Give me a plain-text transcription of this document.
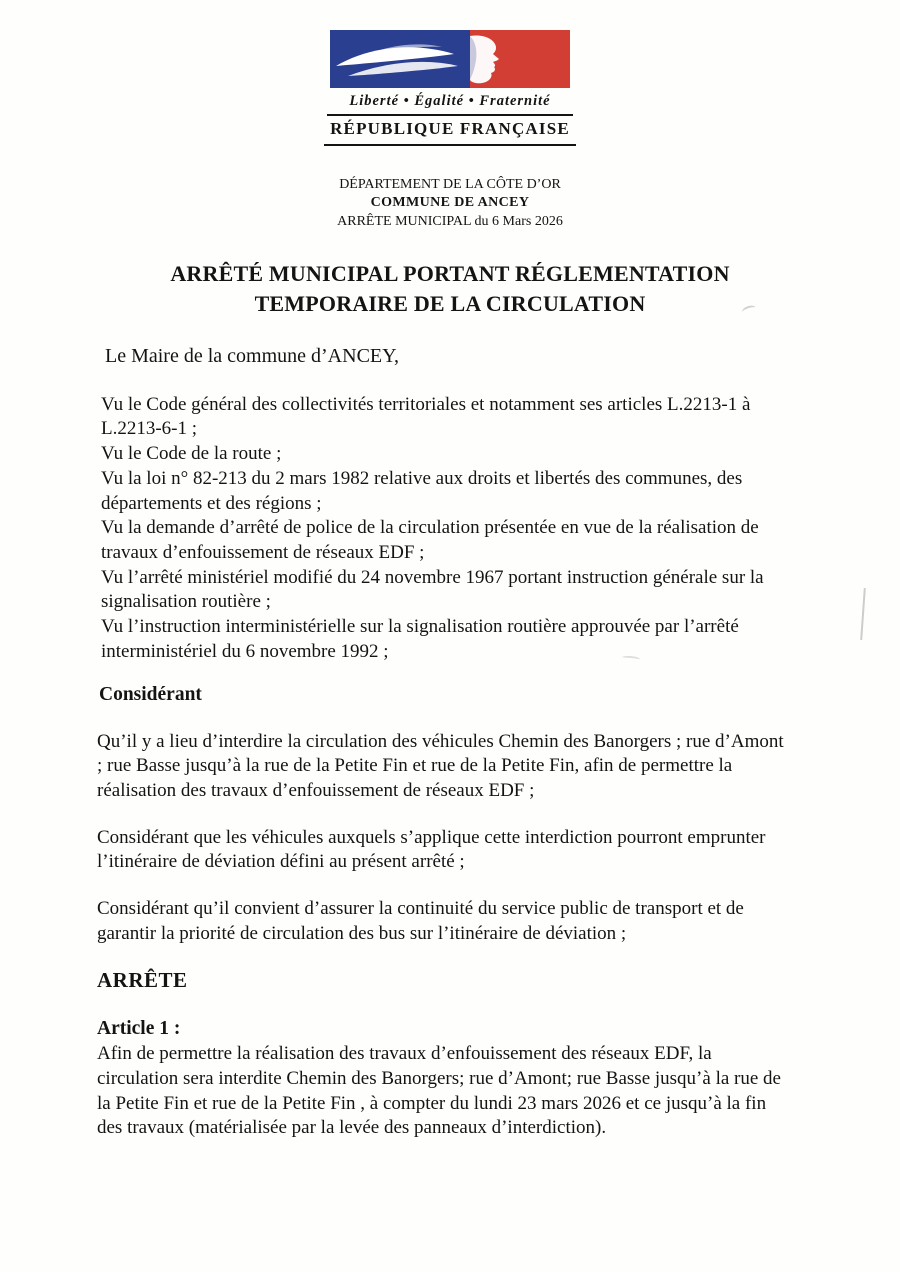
Liberté • Égalité • Fraternité
RÉPUBLIQUE FRANÇAISE
DÉPARTEMENT DE LA CÔTE D’OR
COMMUNE DE ANCEY
ARRÊTE MUNICIPAL du 6 Mars 2026
ARRÊTÉ MUNICIPAL PORTANT RÉGLEMENTATION
TEMPORAIRE DE LA CIRCULATION

Le Maire de la commune d’ANCEY,

Vu le Code général des collectivités territoriales et notamment ses articles L.2213-1 à L.2213-6-1 ;

Vu le Code de la route ;

Vu la loi n° 82-213 du 2 mars 1982 relative aux droits et libertés des communes, des départements et des régions ;

Vu la demande d’arrêté de police de la circulation présentée en vue de la réalisation de travaux d’enfouissement de réseaux EDF ;

Vu l’arrêté ministériel modifié du 24 novembre 1967 portant instruction générale sur la signalisation routière ;

Vu l’instruction interministérielle sur la signalisation routière approuvée par l’arrêté interministériel du 6 novembre 1992 ;

Considérant

Qu’il y a lieu d’interdire la circulation des véhicules Chemin des Banorgers ; rue d’Amont ; rue Basse jusqu’à la rue de la Petite Fin et rue de la Petite Fin, afin de permettre la réalisation des travaux d’enfouissement de réseaux EDF ;

Considérant que les véhicules auxquels s’applique cette interdiction pourront emprunter l’itinéraire de déviation défini au présent arrêté ;

Considérant qu’il convient d’assurer la continuité du service public de transport et de garantir la priorité de circulation des bus sur l’itinéraire de déviation ;

ARRÊTE

Article 1 :

Afin de permettre la réalisation des travaux d’enfouissement des réseaux EDF, la circulation sera interdite Chemin des Banorgers; rue d’Amont; rue Basse jusqu’à la rue de la Petite Fin et rue de la Petite Fin , à compter du lundi 23 mars 2026 et ce jusqu’à la fin des travaux (matérialisée par la levée des panneaux d’interdiction).
